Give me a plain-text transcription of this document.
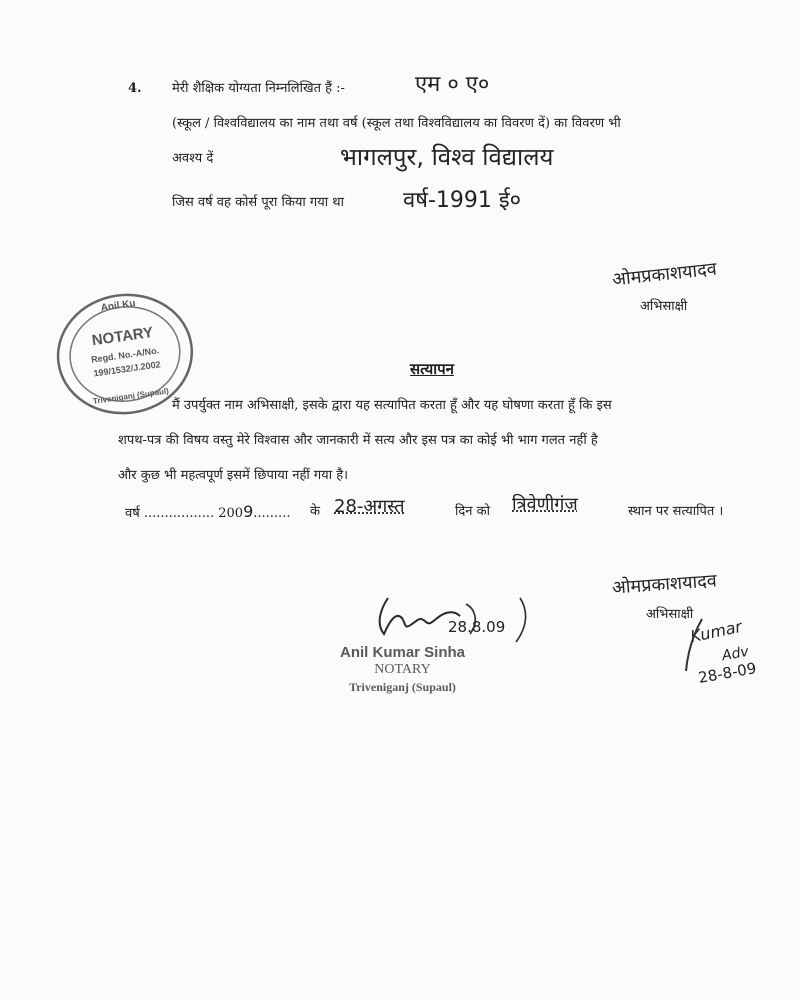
4. मेरी शैक्षिक योग्यता निम्नलिखित हैं :-	एम ० ए०
(स्कूल / विश्वविद्यालय का नाम तथा वर्ष (स्कूल तथा विश्वविद्यालय का विवरण दें) का विवरण भी
अवश्य दें	भागलपुर, विश्व विद्यालय
जिस वर्ष वह कोर्स पूरा किया गया था	वर्ष-1991 ई०
ओमप्रकाशयादव
अभिसाक्षी
Anil Ku
NOTARY
Regd. No.-A/No.
199/1532/J.2002
Triveniganj (Supaul)
सत्यापन
मैं उपर्युक्त नाम अभिसाक्षी, इसके द्वारा यह सत्यापित करता हूँ और यह घोषणा करता हूँ कि इस
शपथ-पत्र की विषय वस्तु मेरे विश्वास और जानकारी में सत्य और इस पत्र का कोई भी भाग गलत नहीं है
और कुछ भी महत्वपूर्ण इसमें छिपाया नहीं गया है।
वर्ष ................. 2009......... के 28-अगस्त	दिन को त्रिवेणीगंज	स्थान पर सत्यापित ।
ओमप्रकाशयादव
अभिसाक्षी
Kumar
Adv
28-8-09
28.8.09
Anil Kumar Sinha
NOTARY
Triveniganj (Supaul)
